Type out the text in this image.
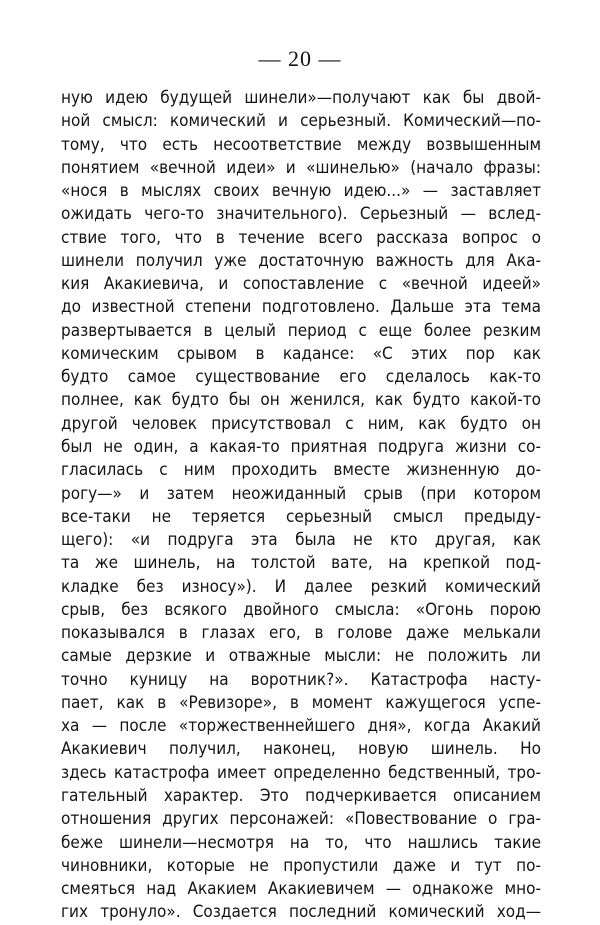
— 20 —
ную идею будущей шинели»—получают как бы двой-
ной смысл: комический и серьезный. Комический—по-
тому, что есть несоответствие между возвышенным
понятием «вечной идеи» и «шинелью» (начало фразы:
«нося в мыслях своих вечную идею...» — заставляет
ожидать чего-то значительного). Серьезный — вслед-
ствие того, что в течение всего рассказа вопрос о
шинели получил уже достаточную важность для Ака-
кия Акакиевича, и сопоставление с «вечной идеей»
до известной степени подготовлено. Дальше эта тема
развертывается в целый период с еще более резким
комическим срывом в кадансе: «С этих пор как
будто самое существование его сделалось как-то
полнее, как будто бы он женился, как будто какой-то
другой человек присутствовал с ним, как будто он
был не один, а какая-то приятная подруга жизни со-
гласилась с ним проходить вместе жизненную до-
рогу—» и затем неожиданный срыв (при котором
все-таки не теряется серьезный смысл предыду-
щего): «и подруга эта была не кто другая, как
та же шинель, на толстой вате, на крепкой под-
кладке без износу»). И далее резкий комический
срыв, без всякого двойного смысла: «Огонь порою
показывался в глазах его, в голове даже мелькали
самые дерзкие и отважные мысли: не положить ли
точно куницу на воротник?». Катастрофа насту-
пает, как в «Ревизоре», в момент кажущегося успе-
ха — после «торжественнейшего дня», когда Акакий
Акакиевич получил, наконец, новую шинель. Но
здесь катастрофа имеет определенно бедственный, тро-
гательный характер. Это подчеркивается описанием
отношения других персонажей: «Повествование о гра-
беже шинели—несмотря на то, что нашлись такие
чиновники, которые не пропустили даже и тут по-
смеяться над Акакием Акакиевичем — однакоже мно-
гих тронуло». Создается последний комический ход—
